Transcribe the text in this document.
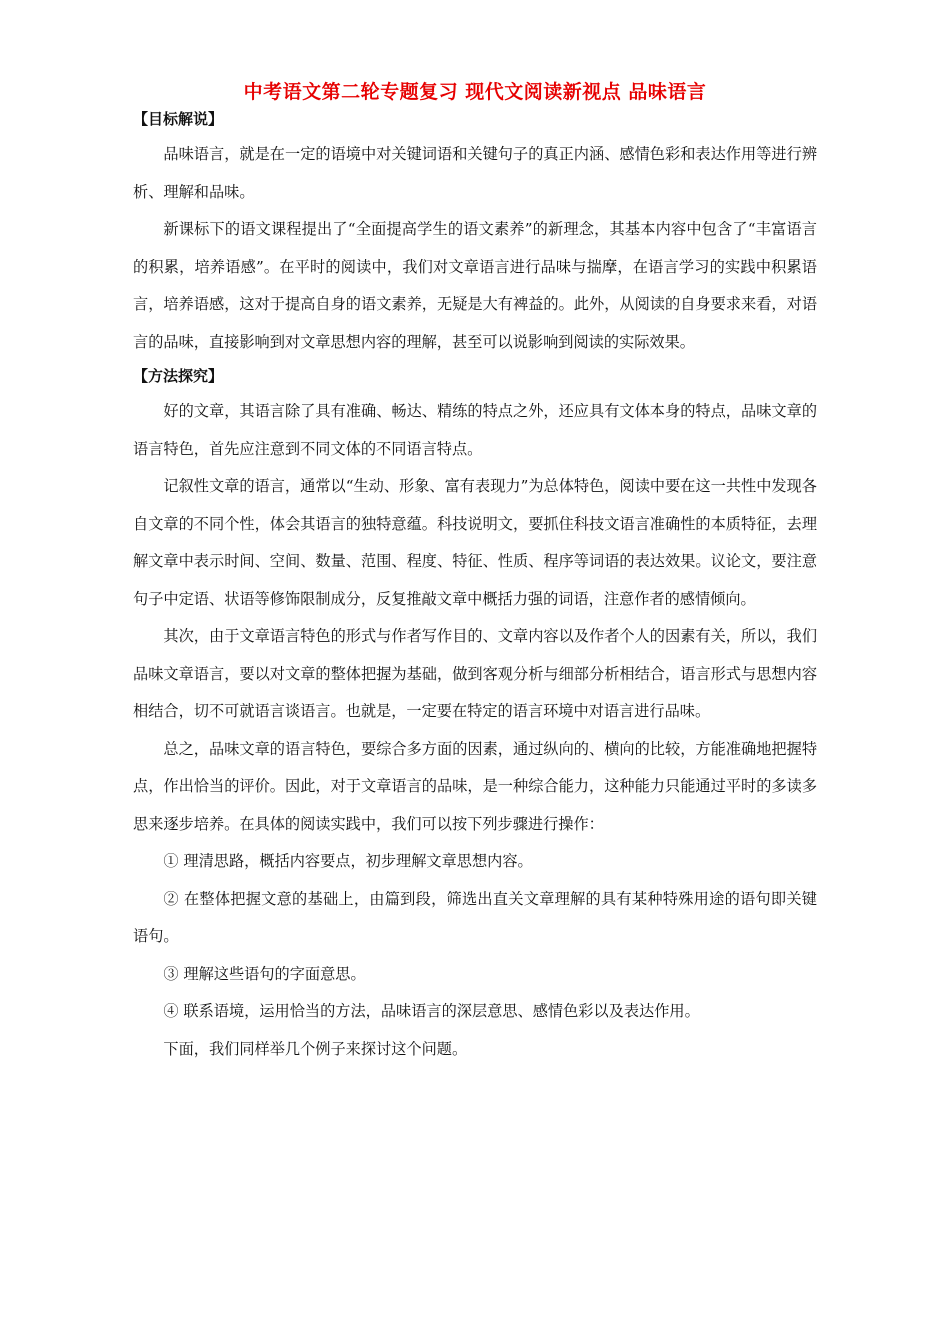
中考语文第二轮专题复习 现代文阅读新视点 品味语言
【目标解说】

品味语言，就是在一定的语境中对关键词语和关键句子的真正内涵、感情色彩和表达作用等进行辨析、理解和品味。

新课标下的语文课程提出了“全面提高学生的语文素养”的新理念，其基本内容中包含了“丰富语言的积累，培养语感”。在平时的阅读中，我们对文章语言进行品味与揣摩，在语言学习的实践中积累语言，培养语感，这对于提高自身的语文素养，无疑是大有裨益的。此外，从阅读的自身要求来看，对语言的品味，直接影响到对文章思想内容的理解，甚至可以说影响到阅读的实际效果。

【方法探究】

好的文章，其语言除了具有准确、畅达、精练的特点之外，还应具有文体本身的特点，品味文章的语言特色，首先应注意到不同文体的不同语言特点。

记叙性文章的语言，通常以“生动、形象、富有表现力”为总体特色，阅读中要在这一共性中发现各自文章的不同个性，体会其语言的独特意蕴。科技说明文，要抓住科技文语言准确性的本质特征，去理解文章中表示时间、空间、数量、范围、程度、特征、性质、程序等词语的表达效果。议论文，要注意句子中定语、状语等修饰限制成分，反复推敲文章中概括力强的词语，注意作者的感情倾向。

其次，由于文章语言特色的形式与作者写作目的、文章内容以及作者个人的因素有关，所以，我们品味文章语言，要以对文章的整体把握为基础，做到客观分析与细部分析相结合，语言形式与思想内容相结合，切不可就语言谈语言。也就是，一定要在特定的语言环境中对语言进行品味。

总之，品味文章的语言特色，要综合多方面的因素，通过纵向的、横向的比较，方能准确地把握特点，作出恰当的评价。因此，对于文章语言的品味，是一种综合能力，这种能力只能通过平时的多读多思来逐步培养。在具体的阅读实践中，我们可以按下列步骤进行操作：

① 理清思路，概括内容要点，初步理解文章思想内容。

② 在整体把握文意的基础上，由篇到段，筛选出直关文章理解的具有某种特殊用途的语句即关键语句。

③ 理解这些语句的字面意思。

④ 联系语境，运用恰当的方法，品味语言的深层意思、感情色彩以及表达作用。

下面，我们同样举几个例子来探讨这个问题。
